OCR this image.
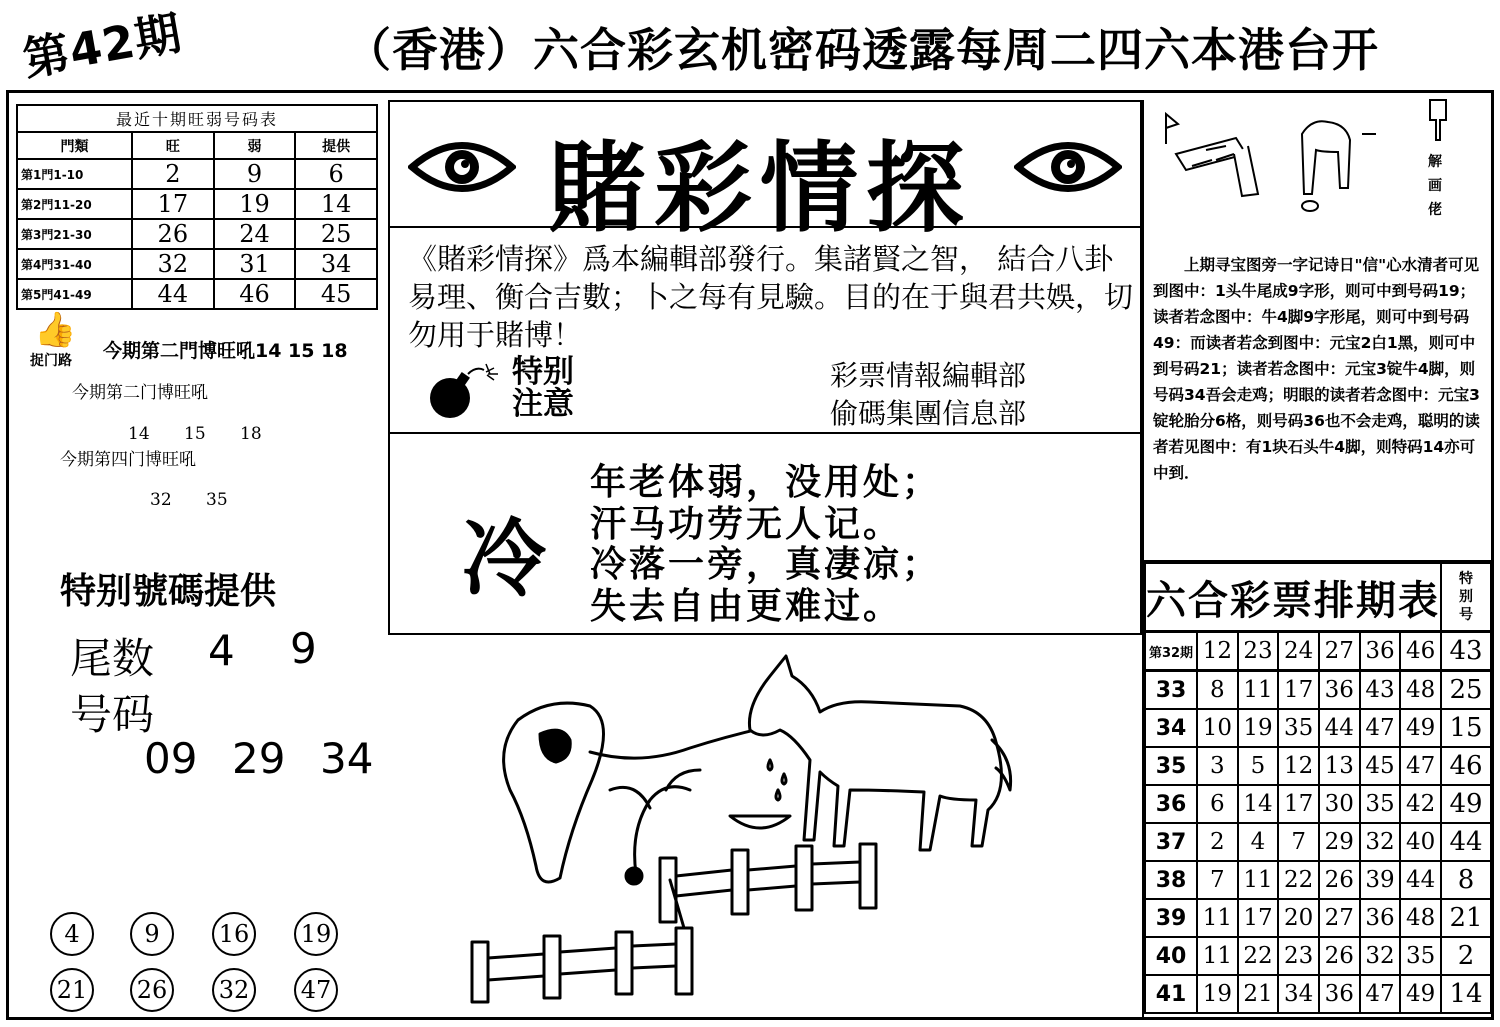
第42期	（香港）六合彩玄机密码透露每周二四六本港台开
最近十期旺弱号码表			
門類	旺	弱	提供
第1門1-10	2	9	6
第2門11-20	17	19	14
第3門21-30	26	24	25
第4門31-40	32	31	34
第5門41-49	44	46	45
👍
捉门路 今期第二門博旺吼14 15 18
今期第二门博旺吼
14 15 18
今期第四门博旺吼
32 35
特别號碼提供
尾数 4 9
号码
09 29 34
4	9	16 19
21 26 32 47
賭彩情探
《賭彩情探》爲本編輯部發行。集諸賢之智， 結合八卦易理、衡合吉數；卜之每有見驗。目的在于與君共娛，切勿用于賭博！
特别
注意
彩票情報編輯部
偷碼集團信息部
冷
年老体弱，没用处；
汗马功劳无人记。
冷落一旁，真凄凉；
失去自由更难过。
解
画
佬
上期寻宝图旁一字记诗日"信"心水清者可见到图中：1头牛尾成9字形，则可中到号码19；读者若念图中：牛4脚9字形尾，则可中到号码49：而读者若念到图中：元宝2白1黑，则可中到号码21；读者若念图中：元宝3锭牛4脚，则号码34吾会走鸡；明眼的读者若念图中：元宝3锭轮胎分6格，则号码36也不会走鸡，聪明的读者若见图中：有1块石头牛4脚，则特码14亦可中到．
六合彩票排期表							特
别
号

第32期	12	23	24	27	36	46	43
33	8	11	17	36	43	48	25
34	10	19	35	44	47	49	15
35	3	5	12	13	45	47	46
36	6	14	17	30	35	42	49
37	2	4	7	29	32	40	44
38	7	11	22	26	39	44	8
39	11	17	20	27	36	48	21
40	11	22	23	26	32	35	2
41	19	21	34	36	47	49	14
